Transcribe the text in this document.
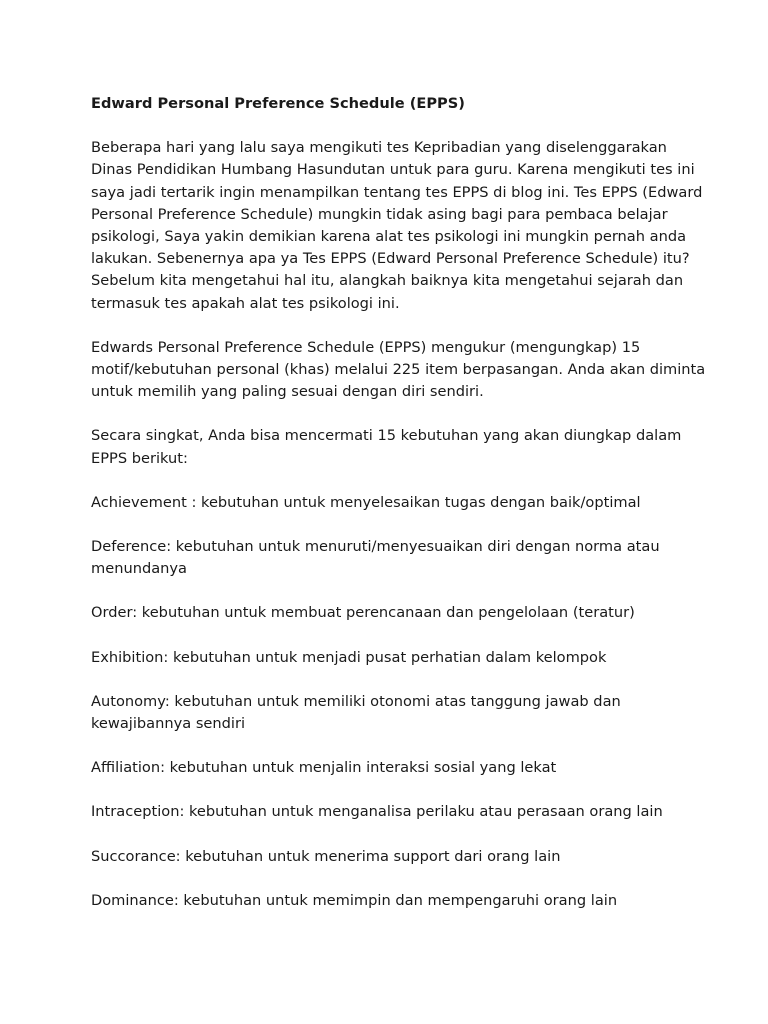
Edward Personal Preference Schedule (EPPS)

Beberapa hari yang lalu saya mengikuti tes Kepribadian yang diselenggarakan Dinas Pendidikan Humbang Hasundutan untuk para guru. Karena mengikuti tes ini saya jadi tertarik ingin menampilkan tentang tes EPPS di blog ini. Tes EPPS (Edward Personal Preference Schedule) mungkin tidak asing bagi para pembaca belajar psikologi, Saya yakin demikian karena alat tes psikologi ini mungkin pernah anda lakukan. Sebenernya apa ya Tes EPPS (Edward Personal Preference Schedule) itu? Sebelum kita mengetahui hal itu, alangkah baiknya kita mengetahui sejarah dan termasuk tes apakah alat tes psikologi ini.

Edwards Personal Preference Schedule (EPPS) mengukur (mengungkap) 15 motif/kebutuhan personal (khas) melalui 225 item berpasangan. Anda akan diminta untuk memilih yang paling sesuai dengan diri sendiri.

Secara singkat, Anda bisa mencermati 15 kebutuhan yang akan diungkap dalam EPPS berikut:

Achievement : kebutuhan untuk menyelesaikan tugas dengan baik/optimal

Deference: kebutuhan untuk menuruti/menyesuaikan diri dengan norma atau menundanya

Order: kebutuhan untuk membuat perencanaan dan pengelolaan (teratur)

Exhibition: kebutuhan untuk menjadi pusat perhatian dalam kelompok

Autonomy: kebutuhan untuk memiliki otonomi atas tanggung jawab dan kewajibannya sendiri

Affiliation: kebutuhan untuk menjalin interaksi sosial yang lekat

Intraception: kebutuhan untuk menganalisa perilaku atau perasaan orang lain

Succorance: kebutuhan untuk menerima support dari orang lain

Dominance: kebutuhan untuk memimpin dan mempengaruhi orang lain
